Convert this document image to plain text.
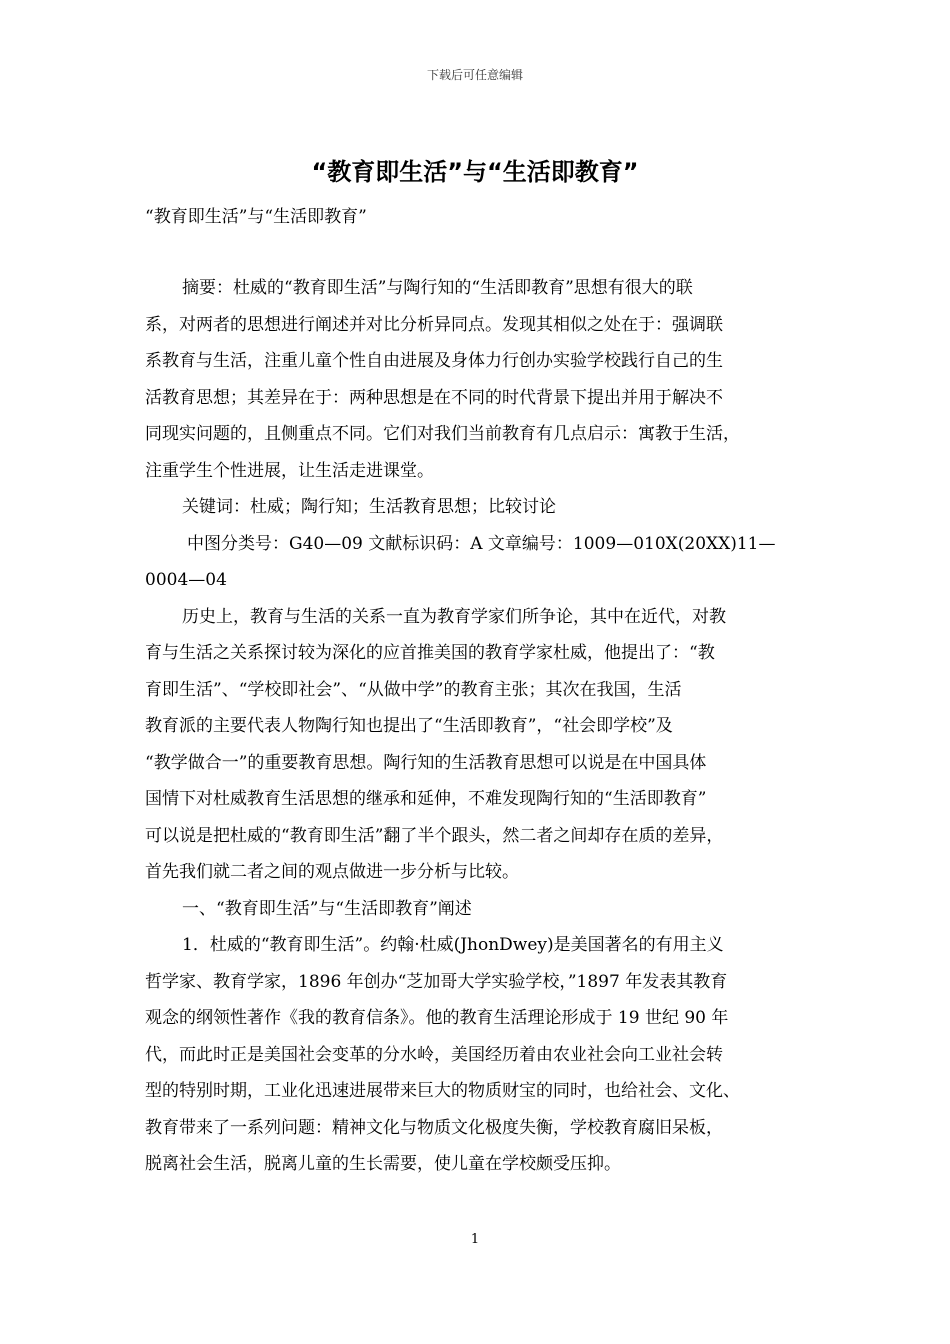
下载后可任意编辑
“教育即生活”与“生活即教育”
“教育即生活”与“生活即教育”

摘要：杜威的“教育即生活”与陶行知的“生活即教育”思想有很大的联

系，对两者的思想进行阐述并对比分析异同点。发现其相似之处在于：强调联

系教育与生活，注重儿童个性自由进展及身体力行创办实验学校践行自己的生

活教育思想；其差异在于：两种思想是在不同的时代背景下提出并用于解决不

同现实问题的，且侧重点不同。它们对我们当前教育有几点启示：寓教于生活，

注重学生个性进展，让生活走进课堂。

关键词：杜威；陶行知；生活教育思想；比较讨论

中图分类号：G40—09 文献标识码：A 文章编号：1009—010X(20XX)11—

0004—04

历史上，教育与生活的关系一直为教育学家们所争论，其中在近代，对教

育与生活之关系探讨较为深化的应首推美国的教育学家杜威，他提出了：“教

育即生活”、“学校即社会”、“从做中学”的教育主张；其次在我国，生活

教育派的主要代表人物陶行知也提出了“生活即教育”，“社会即学校”及

“教学做合一”的重要教育思想。陶行知的生活教育思想可以说是在中国具体

国情下对杜威教育生活思想的继承和延伸，不难发现陶行知的“生活即教育”

可以说是把杜威的“教育即生活”翻了半个跟头，然二者之间却存在质的差异，

首先我们就二者之间的观点做进一步分析与比较。

一、“教育即生活”与“生活即教育”阐述

1．杜威的“教育即生活”。约翰·杜威(JhonDwey)是美国著名的有用主义

哲学家、教育学家，1896 年创办“芝加哥大学实验学校，”1897 年发表其教育

观念的纲领性著作《我的教育信条》。他的教育生活理论形成于 19 世纪 90 年

代，而此时正是美国社会变革的分水岭，美国经历着由农业社会向工业社会转

型的特别时期，工业化迅速进展带来巨大的物质财宝的同时，也给社会、文化、

教育带来了一系列问题：精神文化与物质文化极度失衡，学校教育腐旧呆板，

脱离社会生活，脱离儿童的生长需要，使儿童在学校颇受压抑。

1
